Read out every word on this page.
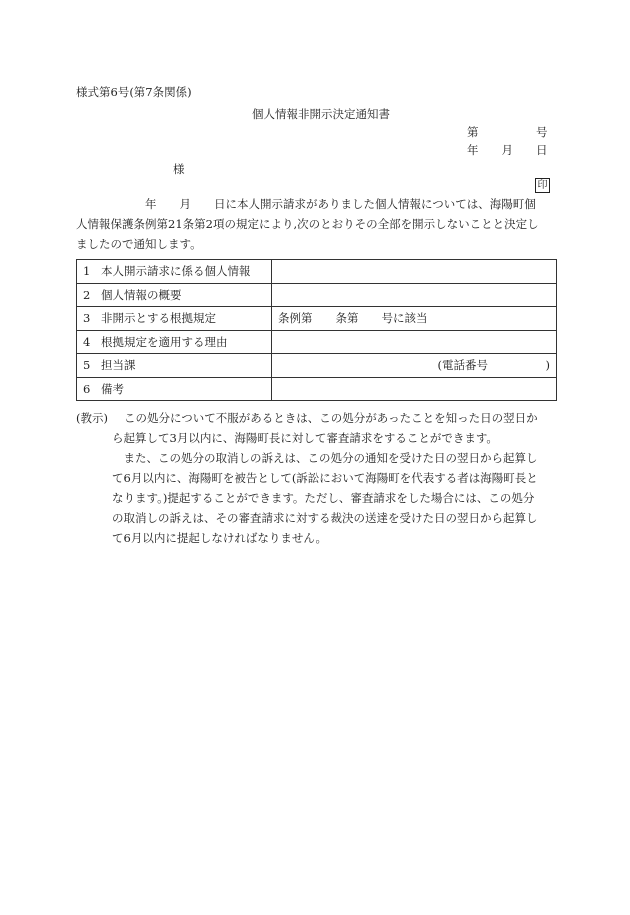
様式第6号(第7条関係)
個人情報非開示決定通知書
第　　　　　号
年　　月　　日
様
印
　　　　　　年　　月　　日に本人開示請求がありました個人情報については、海陽町個
人情報保護条例第21条第2項の規定により,次のとおりその全部を開示しないことと決定し
ましたので通知します。
1 本人開示請求に係る個人情報	
2 個人情報の概要	
3 非開示とする根拠規定	条例第　　条第　　号に該当
4 根拠規定を適用する理由	
5 担当課	(電話番号　　　　　)

6 備考	
(教示) この処分について不服があるときは、この処分があったことを知った日の翌日か
ら起算して3月以内に、海陽町長に対して審査請求をすることができます。
　また、この処分の取消しの訴えは、この処分の通知を受けた日の翌日から起算し
て6月以内に、海陽町を被告として(訴訟において海陽町を代表する者は海陽町長と
なります。)提起することができます。ただし、審査請求をした場合には、この処分
の取消しの訴えは、その審査請求に対する裁決の送達を受けた日の翌日から起算し
て6月以内に提起しなければなりません。
